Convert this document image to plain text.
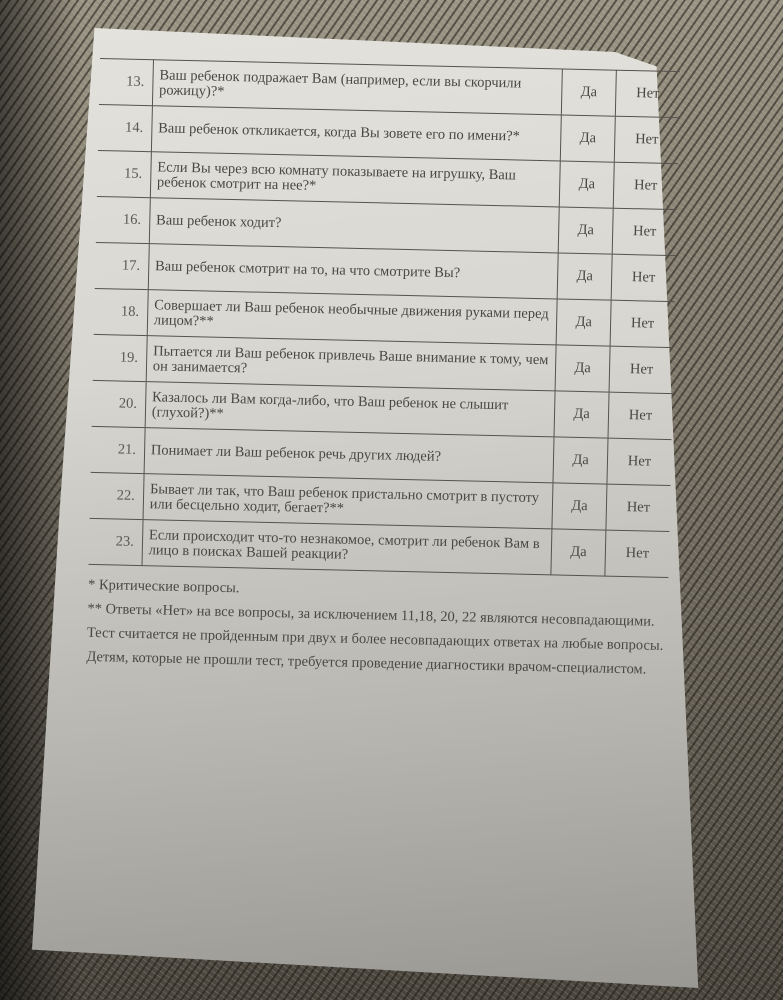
13.	Ваш ребенок подражает Вам (например, если вы скорчили рожицу)?*	Да	Нет
14.	Ваш ребенок откликается, когда Вы зовете его по имени?*	Да	Нет
15.	Если Вы через всю комнату показываете на игрушку, Ваш ребенок смотрит на нее?*	Да	Нет
16.	Ваш ребенок ходит?	Да	Нет
17.	Ваш ребенок смотрит на то, на что смотрите Вы?	Да	Нет
18.	Совершает ли Ваш ребенок необычные движения руками перед лицом?**	Да	Нет
19.	Пытается ли Ваш ребенок привлечь Ваше внимание к тому, чем он занимается?	Да	Нет
20.	Казалось ли Вам когда-либо, что Ваш ребенок не слышит (глухой?)**	Да	Нет
21.	Понимает ли Ваш ребенок речь других людей?	Да	Нет
22.	Бывает ли так, что Ваш ребенок пристально смотрит в пустоту или бесцельно ходит, бегает?**	Да	Нет
23.	Если происходит что-то незнакомое, смотрит ли ребенок Вам в лицо в поисках Вашей реакции?	Да	Нет

* Критические вопросы.

** Ответы «Нет» на все вопросы, за исключением 11,18, 20, 22 являются несовпадающими.

Тест считается не пройденным при двух и более несовпадающих ответах на любые вопросы.

Детям, которые не прошли тест, требуется проведение диагностики врачом-специалистом.
